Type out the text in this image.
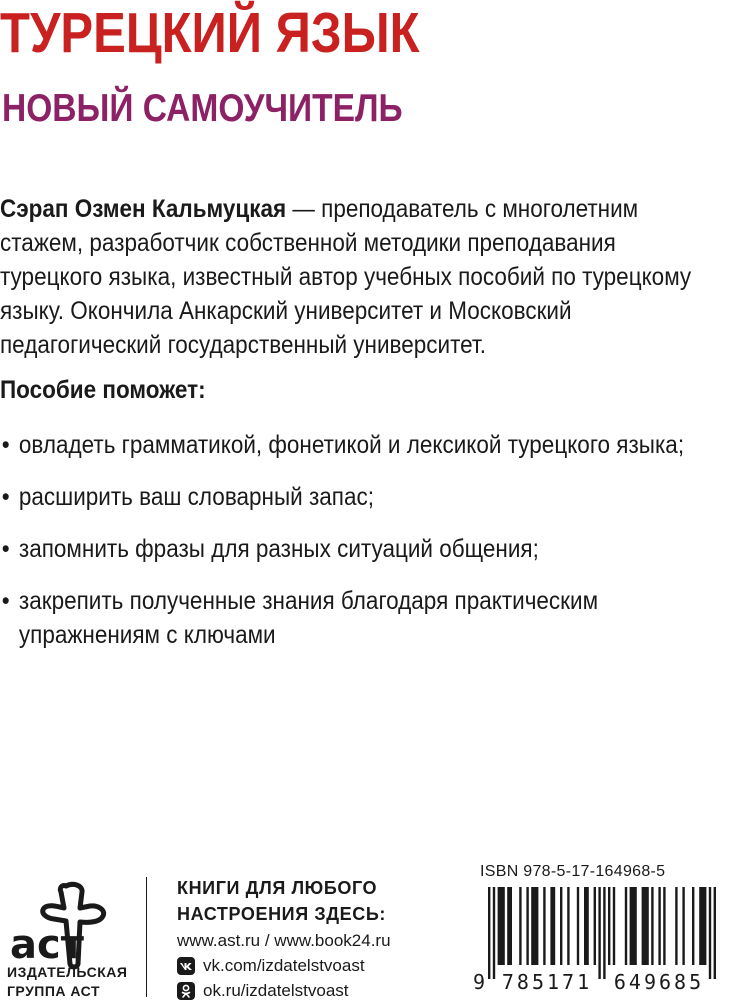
ТУРЕЦКИЙ ЯЗЫК
НОВЫЙ САМОУЧИТЕЛЬ
Сэрап Озмен Кальмуцкая — преподаватель с многолетним
стажем, разработчик собственной методики преподавания
турецкого языка, известный автор учебных пособий по турецкому
языку. Окончила Анкарский университет и Московский
педагогический государственный университет.
Пособие поможет:
• овладеть грамматикой, фонетикой и лексикой турецкого языка;
• расширить ваш словарный запас;
• запомнить фразы для разных ситуаций общения;
• закрепить полученные знания благодаря практическим
упражнениям с ключами
аст
ИЗДАТЕЛЬСКАЯ
ГРУППА АСТ
КНИГИ ДЛЯ ЛЮБОГО
НАСТРОЕНИЯ ЗДЕСЬ:
www.ast.ru / www.book24.ru
vk.com/izdatelstvoast
ok.ru/izdatelstvoast
ISBN 978-5-17-164968-5
9 785171 649685
